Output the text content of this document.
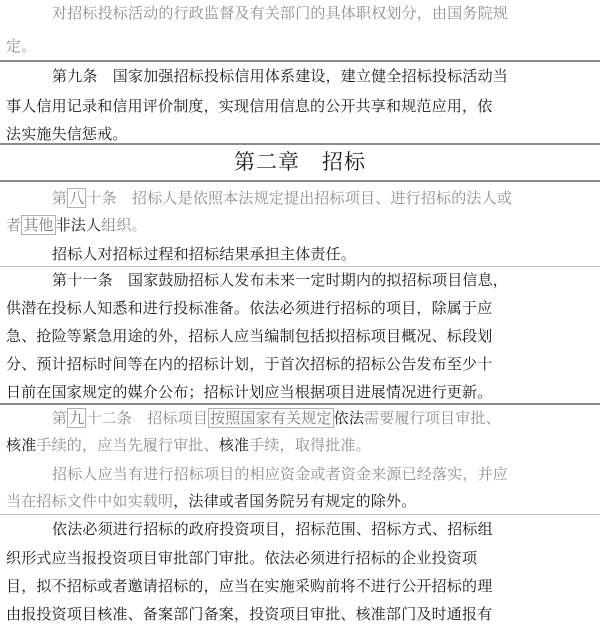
对招标投标活动的行政监督及有关部门的具体职权划分，由国务院规
定。
第九条　国家加强招标投标信用体系建设，建立健全招标投标活动当
事人信用记录和信用评价制度，实现信用信息的公开共享和规范应用，依
法实施失信惩戒。
第二章　招标
第 八 十条　招标人是依照本法规定提出招标项目、进行招标的法人或
者 其他 非法人组织。
招标人对招标过程和招标结果承担主体责任。
第十一条　国家鼓励招标人发布未来一定时期内的拟招标项目信息，
供潜在投标人知悉和进行投标准备。依法必须进行招标的项目，除属于应
急、抢险等紧急用途的外，招标人应当编制包括拟招标项目概况、标段划
分、预计招标时间等在内的招标计划，于首次招标的招标公告发布至少十
日前在国家规定的媒介公布；招标计划应当根据项目进展情况进行更新。
第 九 十二条　招标项目 按照国家有关规定 依法需要履行项目审批、
核准手续的，应当先履行审批、核准手续，取得批准。
招标人应当有进行招标项目的相应资金或者资金来源已经落实，并应
当在招标文件中如实载明，法律或者国务院另有规定的除外。
依法必须进行招标的政府投资项目，招标范围、招标方式、招标组
织形式应当报投资项目审批部门审批。依法必须进行招标的企业投资项
目，拟不招标或者邀请招标的，应当在实施采购前将不进行公开招标的理
由报投资项目核准、备案部门备案，投资项目审批、核准部门及时通报有
